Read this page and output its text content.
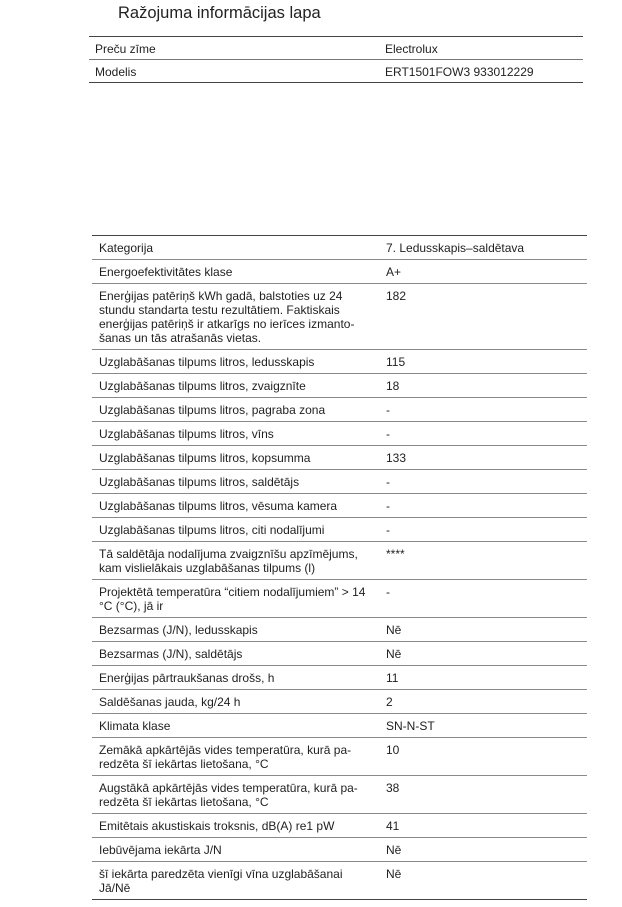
Ražojuma informācijas lapa
Preču zīme	Electrolux
Modelis	ERT1501FOW3 933012229
Kategorija	7. Ledusskapis–saldētava
Energoefektivitātes klase	A+
Enerģijas patēriņš kWh gadā, balstoties uz 24 stundu standarta testu rezultātiem. Faktiskais enerģijas patēriņš ir atkarīgs no ierīces izmanto-šanas un tās atrašanās vietas.	182
Uzglabāšanas tilpums litros, ledusskapis	115
Uzglabāšanas tilpums litros, zvaigznīte	18
Uzglabāšanas tilpums litros, pagraba zona	-
Uzglabāšanas tilpums litros, vīns	-
Uzglabāšanas tilpums litros, kopsumma	133
Uzglabāšanas tilpums litros, saldētājs	-
Uzglabāšanas tilpums litros, vēsuma kamera	-
Uzglabāšanas tilpums litros, citi nodalījumi	-
Tā saldētāja nodalījuma zvaigznīšu apzīmējums, kam vislielākais uzglabāšanas tilpums (l)	****
Projektētā temperatūra “citiem nodalījumiem” > 14 °C (°C), jā ir	-
Bezsarmas (J/N), ledusskapis	Nē
Bezsarmas (J/N), saldētājs	Nē
Enerģijas pārtraukšanas drošs, h	11
Saldēšanas jauda, kg/24 h	2
Klimata klase	SN-N-ST
Zemākā apkārtējās vides temperatūra, kurā pa-redzēta šī iekārtas lietošana, °C	10
Augstākā apkārtējās vides temperatūra, kurā pa-redzēta šī iekārtas lietošana, °C	38
Emitētais akustiskais troksnis, dB(A) re1 pW	41
Iebūvējama iekārta J/N	Nē
šī iekārta paredzēta vienīgi vīna uzglabāšanai Jā/Nē	Nē
